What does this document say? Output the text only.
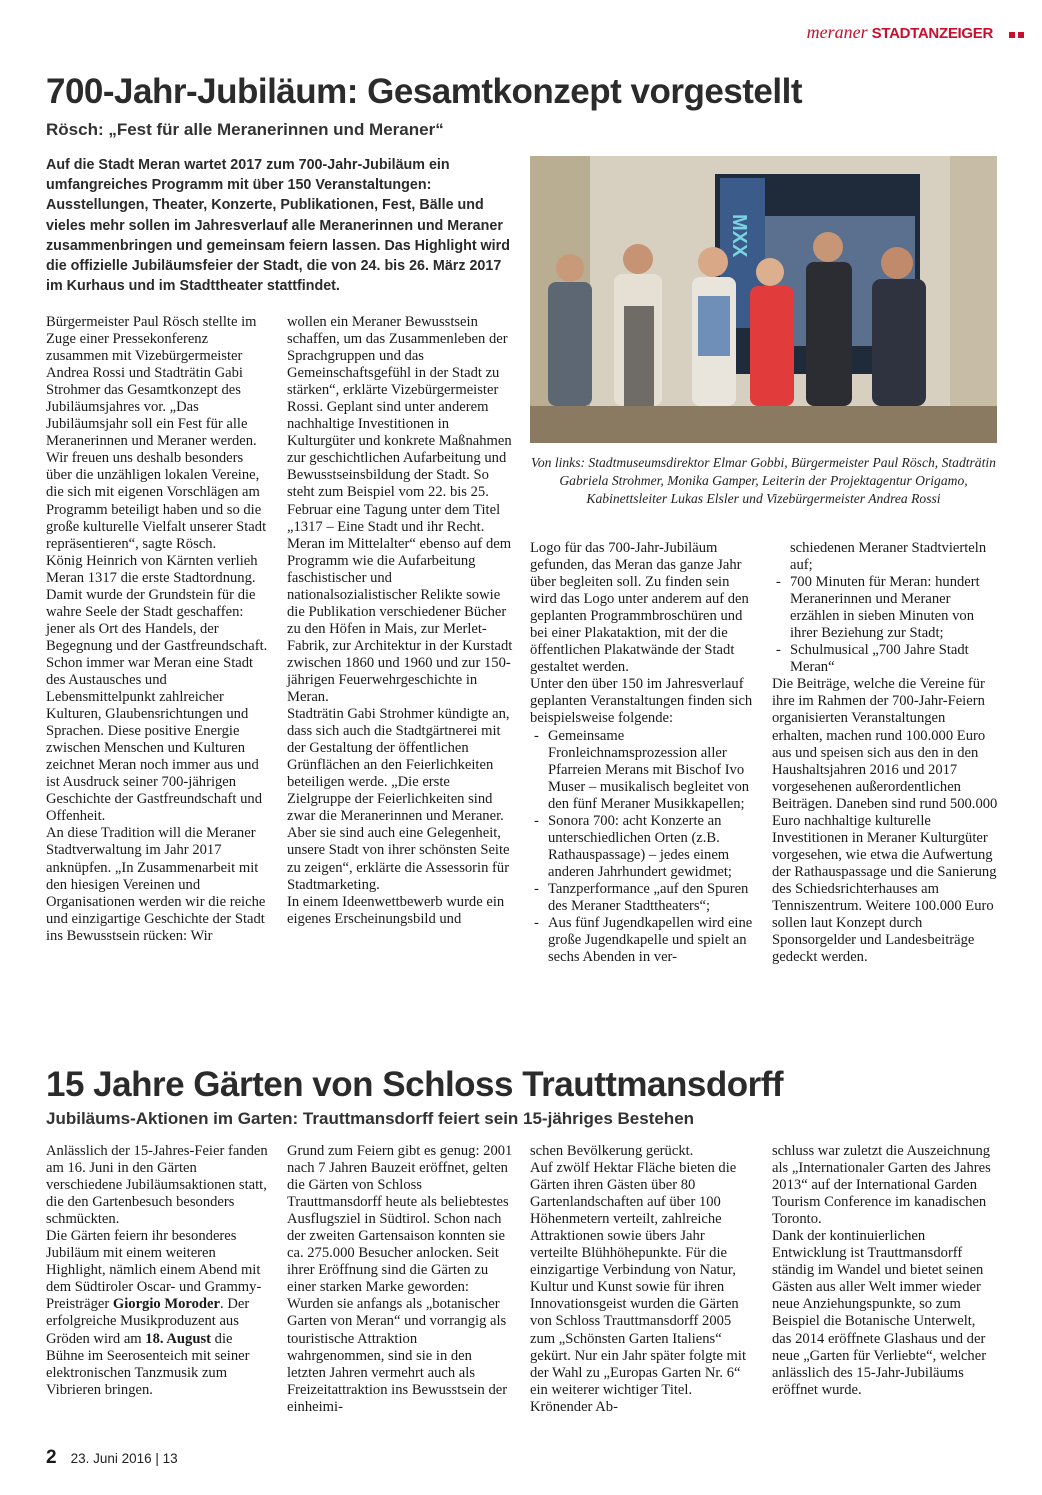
meraner STADTANZEIGER
700-Jahr-Jubiläum: Gesamtkonzept vorgestellt
Rösch: „Fest für alle Meranerinnen und Meraner“
Auf die Stadt Meran wartet 2017 zum 700-Jahr-Jubiläum ein umfangreiches Programm mit über 150 Veranstaltungen: Ausstellungen, Theater, Konzerte, Publikationen, Fest, Bälle und vieles mehr sollen im Jahresverlauf alle Meranerinnen und Meraner zusammenbringen und gemeinsam feiern lassen. Das Highlight wird die offizielle Jubiläumsfeier der Stadt, die von 24. bis 26. März 2017 im Kurhaus und im Stadttheater stattfindet.
MXX
Von links: Stadtmuseumsdirektor Elmar Gobbi, Bürgermeister Paul Rösch, Stadträtin Gabriela Strohmer, Monika Gamper, Leiterin der Projektagentur Origamo, Kabinettsleiter Lukas Elsler und Vizebürgermeister Andrea Rossi

Bürgermeister Paul Rösch stellte im Zuge einer Pressekonferenz zusammen mit Vizebürgermeister Andrea Rossi und Stadträtin Gabi Strohmer das Gesamtkonzept des Jubiläumsjahres vor. „Das Jubiläumsjahr soll ein Fest für alle Meranerinnen und Meraner werden. Wir freuen uns deshalb besonders über die unzähligen lokalen Vereine, die sich mit eigenen Vorschlägen am Programm beteiligt haben und so die große kulturelle Vielfalt unserer Stadt repräsentieren“, sagte Rösch.

König Heinrich von Kärnten verlieh Meran 1317 die erste Stadtordnung. Damit wurde der Grundstein für die wahre Seele der Stadt geschaffen: jener als Ort des Handels, der Begegnung und der Gastfreundschaft. Schon immer war Meran eine Stadt des Austausches und Lebensmittelpunkt zahlreicher Kulturen, Glaubensrichtungen und Sprachen. Diese positive Energie zwischen Menschen und Kulturen zeichnet Meran noch immer aus und ist Ausdruck seiner 700-jährigen Geschichte der Gastfreundschaft und Offenheit.

An diese Tradition will die Meraner Stadtverwaltung im Jahr 2017 anknüpfen. „In Zusammenarbeit mit den hiesigen Vereinen und Organisationen werden wir die reiche und einzigartige Geschichte der Stadt ins Bewusstsein rücken: Wir

wollen ein Meraner Bewusstsein schaffen, um das Zusammenleben der Sprachgruppen und das Gemeinschaftsgefühl in der Stadt zu stärken“, erklärte Vizebürgermeister Rossi. Geplant sind unter anderem nachhaltige Investitionen in Kulturgüter und konkrete Maßnahmen zur geschichtlichen Aufarbeitung und Bewusstseinsbildung der Stadt. So steht zum Beispiel vom 22. bis 25. Februar eine Tagung unter dem Titel „1317 – Eine Stadt und ihr Recht. Meran im Mittelalter“ ebenso auf dem Programm wie die Aufarbeitung faschistischer und nationalsozialistischer Relikte sowie die Publikation verschiedener Bücher zu den Höfen in Mais, zur Merlet-Fabrik, zur Architektur in der Kurstadt zwischen 1860 und 1960 und zur 150-jährigen Feuerwehrgeschichte in Meran.

Stadträtin Gabi Strohmer kündigte an, dass sich auch die Stadtgärtnerei mit der Gestaltung der öffentlichen Grünflächen an den Feierlichkeiten beteiligen werde. „Die erste Zielgruppe der Feierlichkeiten sind zwar die Meranerinnen und Meraner. Aber sie sind auch eine Gelegenheit, unsere Stadt von ihrer schönsten Seite zu zeigen“, erklärte die Assessorin für Stadtmarketing.

In einem Ideenwettbewerb wurde ein eigenes Erscheinungsbild und

Logo für das 700-Jahr-Jubiläum gefunden, das Meran das ganze Jahr über begleiten soll. Zu finden sein wird das Logo unter anderem auf den geplanten Programmbroschüren und bei einer Plakataktion, mit der die öffentlichen Plakatwände der Stadt gestaltet werden.

Unter den über 150 im Jahresverlauf geplanten Veranstaltungen finden sich beispielsweise folgende:

- Gemeinsame Fronleichnamsprozession aller Pfarreien Merans mit Bischof Ivo Muser – musikalisch begleitet von den fünf Meraner Musikkapellen;
- Sonora 700: acht Konzerte an unterschiedlichen Orten (z.B. Rathauspassage) – jedes einem anderen Jahrhundert gewidmet;
- Tanzperformance „auf den Spuren des Meraner Stadttheaters“;
- Aus fünf Jugendkapellen wird eine große Jugendkapelle und spielt an sechs Abenden in ver-

schiedenen Meraner Stadtvierteln auf;

- 700 Minuten für Meran: hundert Meranerinnen und Meraner erzählen in sieben Minuten von ihrer Beziehung zur Stadt;
- Schulmusical „700 Jahre Stadt Meran“

Die Beiträge, welche die Vereine für ihre im Rahmen der 700-Jahr-Feiern organisierten Veranstaltungen erhalten, machen rund 100.000 Euro aus und speisen sich aus den in den Haushaltsjahren 2016 und 2017 vorgesehenen außerordentlichen Beiträgen. Daneben sind rund 500.000 Euro nachhaltige kulturelle Investitionen in Meraner Kulturgüter vorgesehen, wie etwa die Aufwertung der Rathauspassage und die Sanierung des Schiedsrichterhauses am Tenniszentrum. Weitere 100.000 Euro sollen laut Konzept durch Sponsorgelder und Landesbeiträge gedeckt werden.

15 Jahre Gärten von Schloss Trauttmansdorff
Jubiläums-Aktionen im Garten: Trauttmansdorff feiert sein 15-jähriges Bestehen

Anlässlich der 15-Jahres-Feier fanden am 16. Juni in den Gärten verschiedene Jubiläumsaktionen statt, die den Gartenbesuch besonders schmückten.

Die Gärten feiern ihr besonderes Jubiläum mit einem weiteren Highlight, nämlich einem Abend mit dem Südtiroler Oscar- und Grammy-Preisträger Giorgio Moroder. Der erfolgreiche Musikproduzent aus Gröden wird am 18. August die Bühne im Seerosenteich mit seiner elektronischen Tanzmusik zum Vibrieren bringen.

Grund zum Feiern gibt es genug: 2001 nach 7 Jahren Bauzeit eröffnet, gelten die Gärten von Schloss Trauttmansdorff heute als beliebtestes Ausflugsziel in Südtirol. Schon nach der zweiten Gartensaison konnten sie ca. 275.000 Besucher anlocken. Seit ihrer Eröffnung sind die Gärten zu einer starken Marke geworden: Wurden sie anfangs als „botanischer Garten von Meran“ und vorrangig als touristische Attraktion wahrgenommen, sind sie in den letzten Jahren vermehrt auch als Freizeitattraktion ins Bewusstsein der einheimi-

schen Bevölkerung gerückt.

Auf zwölf Hektar Fläche bieten die Gärten ihren Gästen über 80 Gartenlandschaften auf über 100 Höhenmetern verteilt, zahlreiche Attraktionen sowie übers Jahr verteilte Blühhöhepunkte. Für die einzigartige Verbindung von Natur, Kultur und Kunst sowie für ihren Innovationsgeist wurden die Gärten von Schloss Trauttmansdorff 2005 zum „Schönsten Garten Italiens“ gekürt. Nur ein Jahr später folgte mit der Wahl zu „Europas Garten Nr. 6“ ein weiterer wichtiger Titel. Krönender Ab-

schluss war zuletzt die Auszeichnung als „Internationaler Garten des Jahres 2013“ auf der International Garden Tourism Conference im kanadischen Toronto.

Dank der kontinuierlichen Entwicklung ist Trauttmansdorff ständig im Wandel und bietet seinen Gästen aus aller Welt immer wieder neue Anziehungspunkte, so zum Beispiel die Botanische Unterwelt, das 2014 eröffnete Glashaus und der neue „Garten für Verliebte“, welcher anlässlich des 15-Jahr-Jubiläums eröffnet wurde.

2 23. Juni 2016 | 13
